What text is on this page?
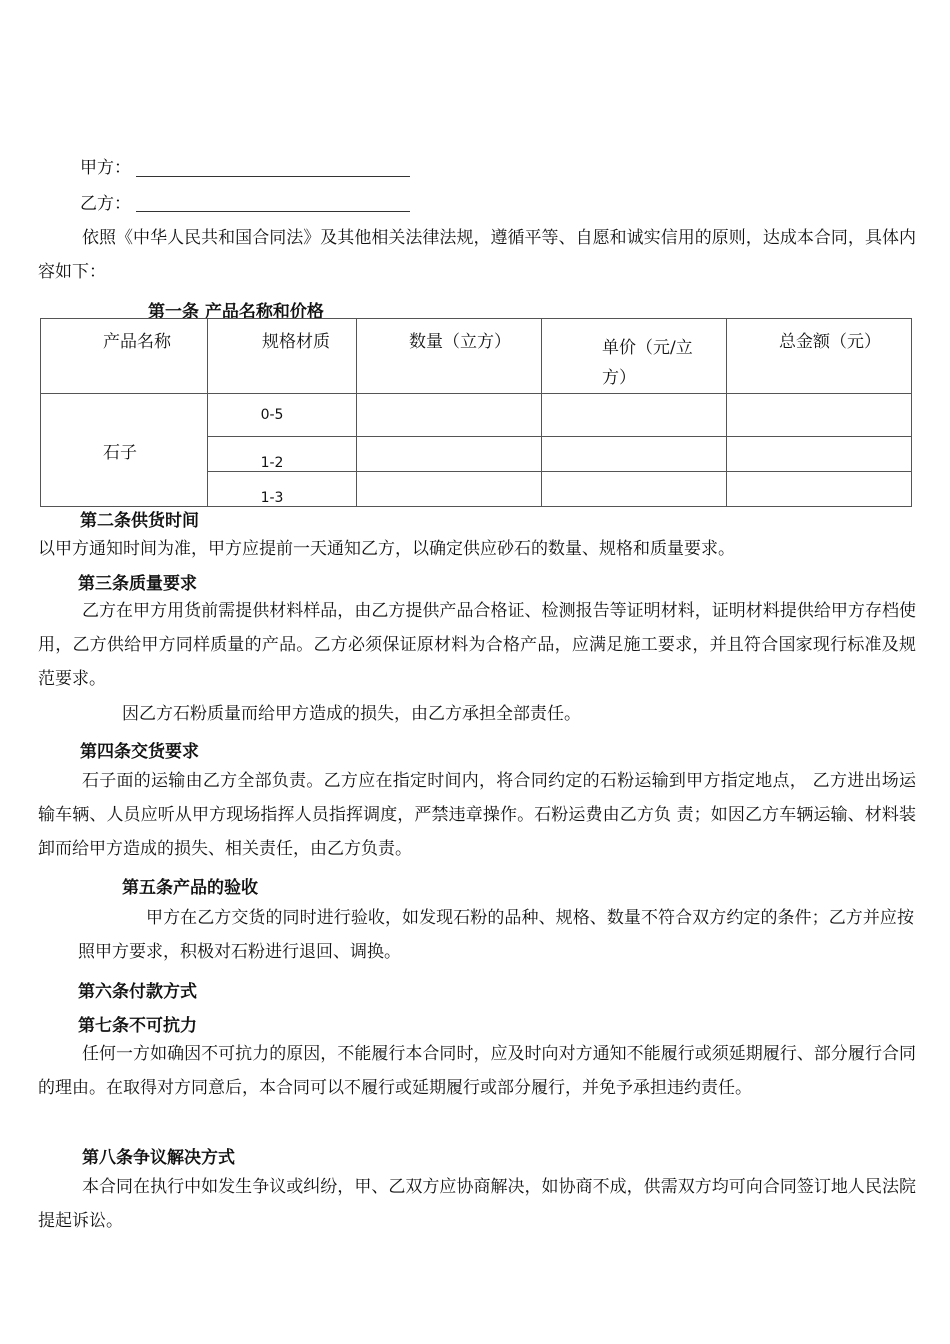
甲方：
乙方：
依照《中华人民共和国合同法》及其他相关法律法规，遵循平等、自愿和诚实信用的原则，达成本合同，具体内容如下：
第一条 产品名称和价格
产品名称	规格材质	数量（立方）	单价（元/立方）	总金额（元）
石子	0-5			
	1-2			
	1-3			
第二条供货时间
以甲方通知时间为准，甲方应提前一天通知乙方，以确定供应砂石的数量、规格和质量要求。
第三条质量要求
乙方在甲方用货前需提供材料样品，由乙方提供产品合格证、检测报告等证明材料，证明材料提供给甲方存档使用，乙方供给甲方同样质量的产品。乙方必须保证原材料为合格产品，应满足施工要求，并且符合国家现行标准及规范要求。
因乙方石粉质量而给甲方造成的损失，由乙方承担全部责任。
第四条交货要求
石子面的运输由乙方全部负责。乙方应在指定时间内，将合同约定的石粉运输到甲方指定地点， 乙方进出场运输车辆、人员应听从甲方现场指挥人员指挥调度，严禁违章操作。石粉运费由乙方负 责；如因乙方车辆运输、材料装卸而给甲方造成的损失、相关责任，由乙方负责。
第五条产品的验收
甲方在乙方交货的同时进行验收，如发现石粉的品种、规格、数量不符合双方约定的条件；乙方并应按照甲方要求，积极对石粉进行退回、调换。
第六条付款方式
第七条不可抗力
任何一方如确因不可抗力的原因，不能履行本合同时，应及时向对方通知不能履行或须延期履行、部分履行合同的理由。在取得对方同意后，本合同可以不履行或延期履行或部分履行，并免予承担违约责任。
第八条争议解决方式
本合同在执行中如发生争议或纠纷，甲、乙双方应协商解决，如协商不成，供需双方均可向合同签订地人民法院提起诉讼。
